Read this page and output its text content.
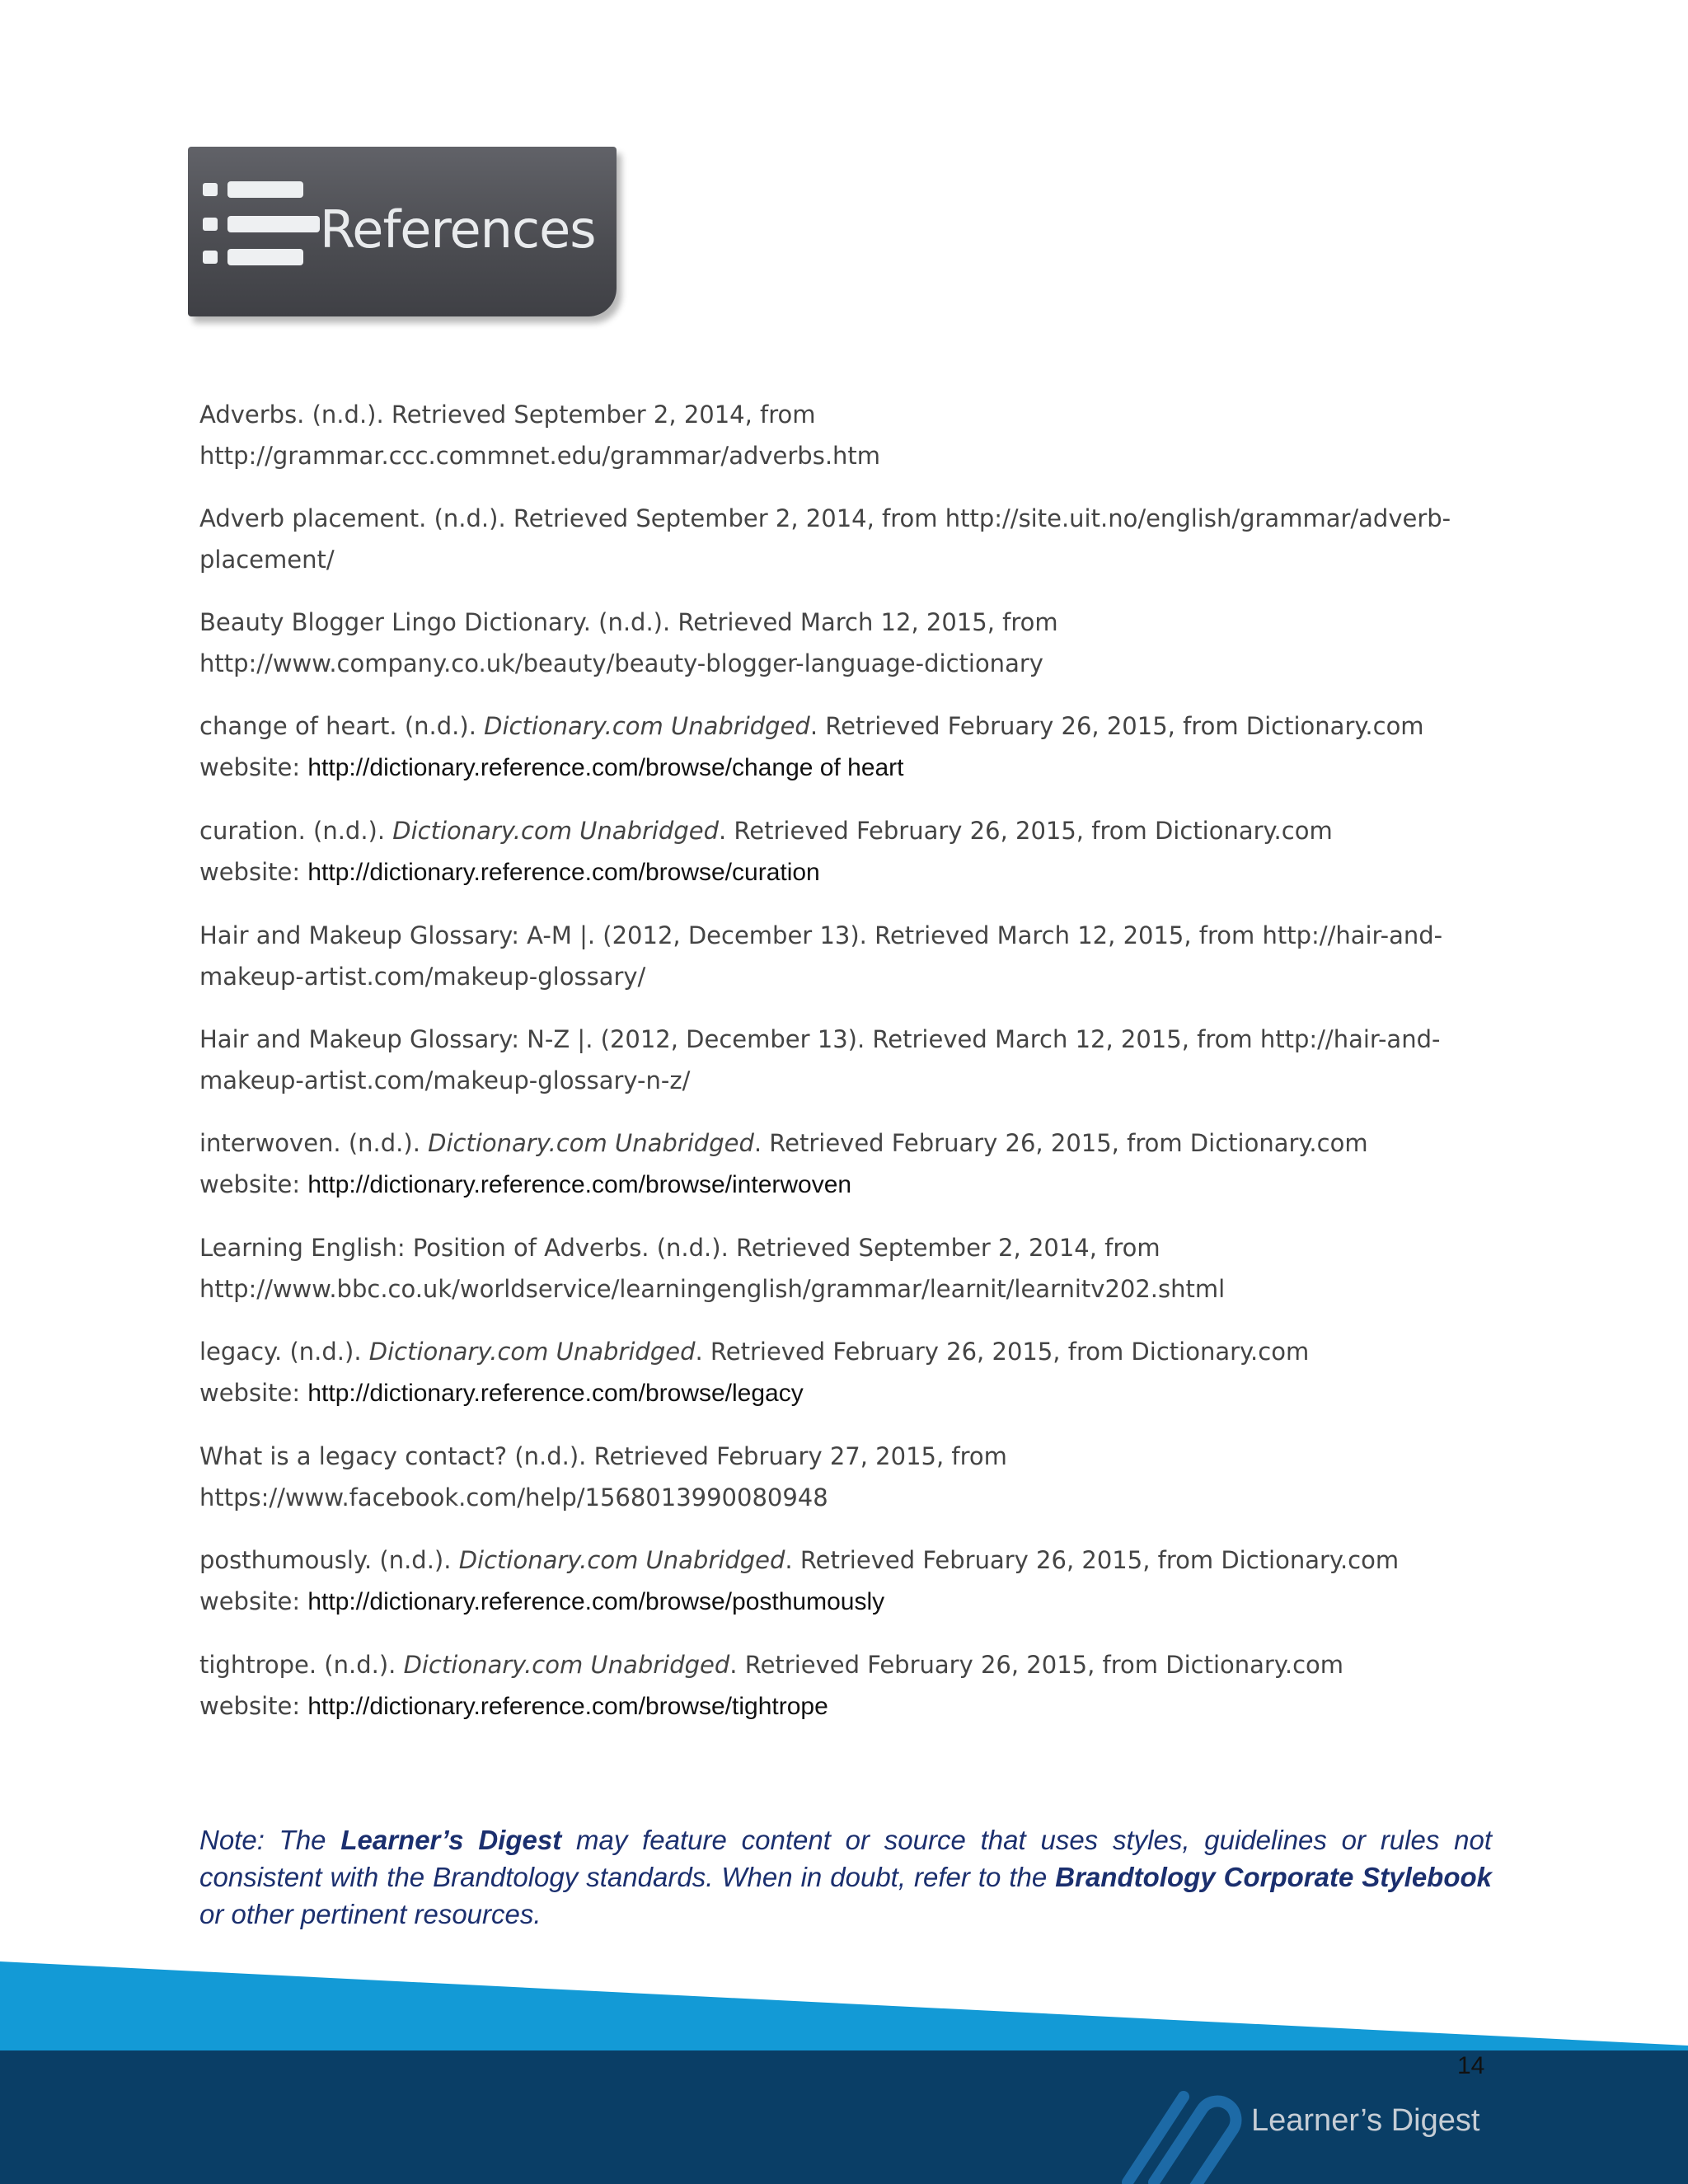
References
Adverbs. (n.d.). Retrieved September 2, 2014, from
http://grammar.ccc.commnet.edu/grammar/adverbs.htm
Adverb placement. (n.d.). Retrieved September 2, 2014, from http://site.uit.no/english/grammar/adverb-
placement/
Beauty Blogger Lingo Dictionary. (n.d.). Retrieved March 12, 2015, from
http://www.company.co.uk/beauty/beauty-blogger-language-dictionary
change of heart. (n.d.). Dictionary.com Unabridged. Retrieved February 26, 2015, from Dictionary.com
website: http://dictionary.reference.com/browse/change of heart
curation. (n.d.). Dictionary.com Unabridged. Retrieved February 26, 2015, from Dictionary.com
website: http://dictionary.reference.com/browse/curation
Hair and Makeup Glossary: A-M |. (2012, December 13). Retrieved March 12, 2015, from http://hair-and-
makeup-artist.com/makeup-glossary/
Hair and Makeup Glossary: N-Z |. (2012, December 13). Retrieved March 12, 2015, from http://hair-and-
makeup-artist.com/makeup-glossary-n-z/
interwoven. (n.d.). Dictionary.com Unabridged. Retrieved February 26, 2015, from Dictionary.com
website: http://dictionary.reference.com/browse/interwoven
Learning English: Position of Adverbs. (n.d.). Retrieved September 2, 2014, from
http://www.bbc.co.uk/worldservice/learningenglish/grammar/learnit/learnitv202.shtml
legacy. (n.d.). Dictionary.com Unabridged. Retrieved February 26, 2015, from Dictionary.com
website: http://dictionary.reference.com/browse/legacy
What is a legacy contact? (n.d.). Retrieved February 27, 2015, from
https://www.facebook.com/help/1568013990080948
posthumously. (n.d.). Dictionary.com Unabridged. Retrieved February 26, 2015, from Dictionary.com
website: http://dictionary.reference.com/browse/posthumously
tightrope. (n.d.). Dictionary.com Unabridged. Retrieved February 26, 2015, from Dictionary.com
website: http://dictionary.reference.com/browse/tightrope
Note: The Learner’s Digest may feature content or source that uses styles, guidelines or rules not consistent with the Brandtology standards. When in doubt, refer to the Brandtology Corporate Stylebook or other pertinent resources.
14
Learner’s Digest
